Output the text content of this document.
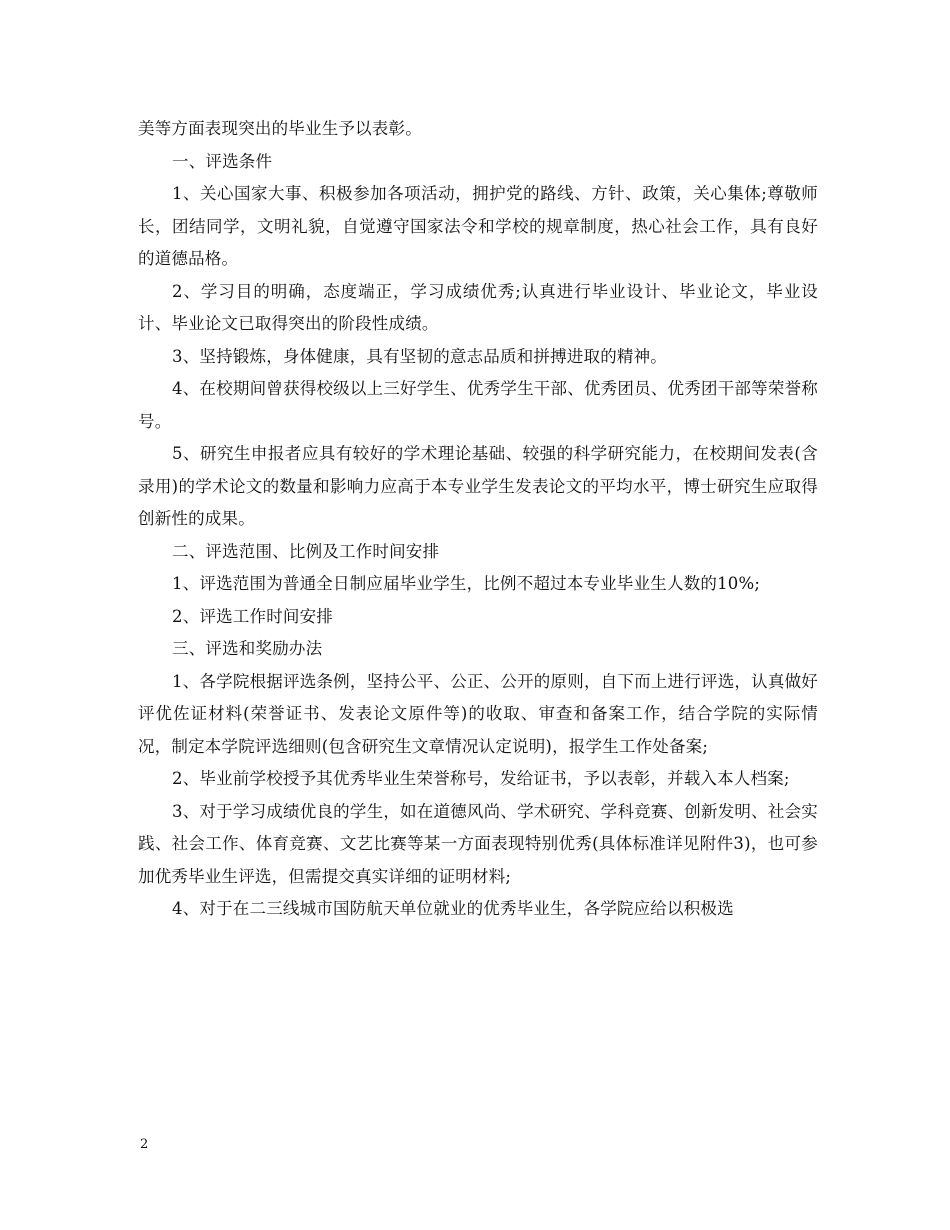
美等方面表现突出的毕业生予以表彰。

一、评选条件

1、关心国家大事、积极参加各项活动，拥护党的路线、方针、政策，关心集体;尊敬师长，团结同学，文明礼貌，自觉遵守国家法令和学校的规章制度，热心社会工作，具有良好的道德品格。

2、学习目的明确，态度端正，学习成绩优秀;认真进行毕业设计、毕业论文，毕业设计、毕业论文已取得突出的阶段性成绩。

3、坚持锻炼，身体健康，具有坚韧的意志品质和拼搏进取的精神。

4、在校期间曾获得校级以上三好学生、优秀学生干部、优秀团员、优秀团干部等荣誉称号。

5、研究生申报者应具有较好的学术理论基础、较强的科学研究能力，在校期间发表(含录用)的学术论文的数量和影响力应高于本专业学生发表论文的平均水平，博士研究生应取得创新性的成果。

二、评选范围、比例及工作时间安排

1、评选范围为普通全日制应届毕业学生，比例不超过本专业毕业生人数的10%;

2、评选工作时间安排

三、评选和奖励办法

1、各学院根据评选条例，坚持公平、公正、公开的原则，自下而上进行评选，认真做好评优佐证材料(荣誉证书、发表论文原件等)的收取、审查和备案工作，结合学院的实际情况，制定本学院评选细则(包含研究生文章情况认定说明)，报学生工作处备案;

2、毕业前学校授予其优秀毕业生荣誉称号，发给证书，予以表彰，并载入本人档案;

3、对于学习成绩优良的学生，如在道德风尚、学术研究、学科竞赛、创新发明、社会实践、社会工作、体育竞赛、文艺比赛等某一方面表现特别优秀(具体标准详见附件3)，也可参加优秀毕业生评选，但需提交真实详细的证明材料;

4、对于在二三线城市国防航天单位就业的优秀毕业生，各学院应给以积极选

2
